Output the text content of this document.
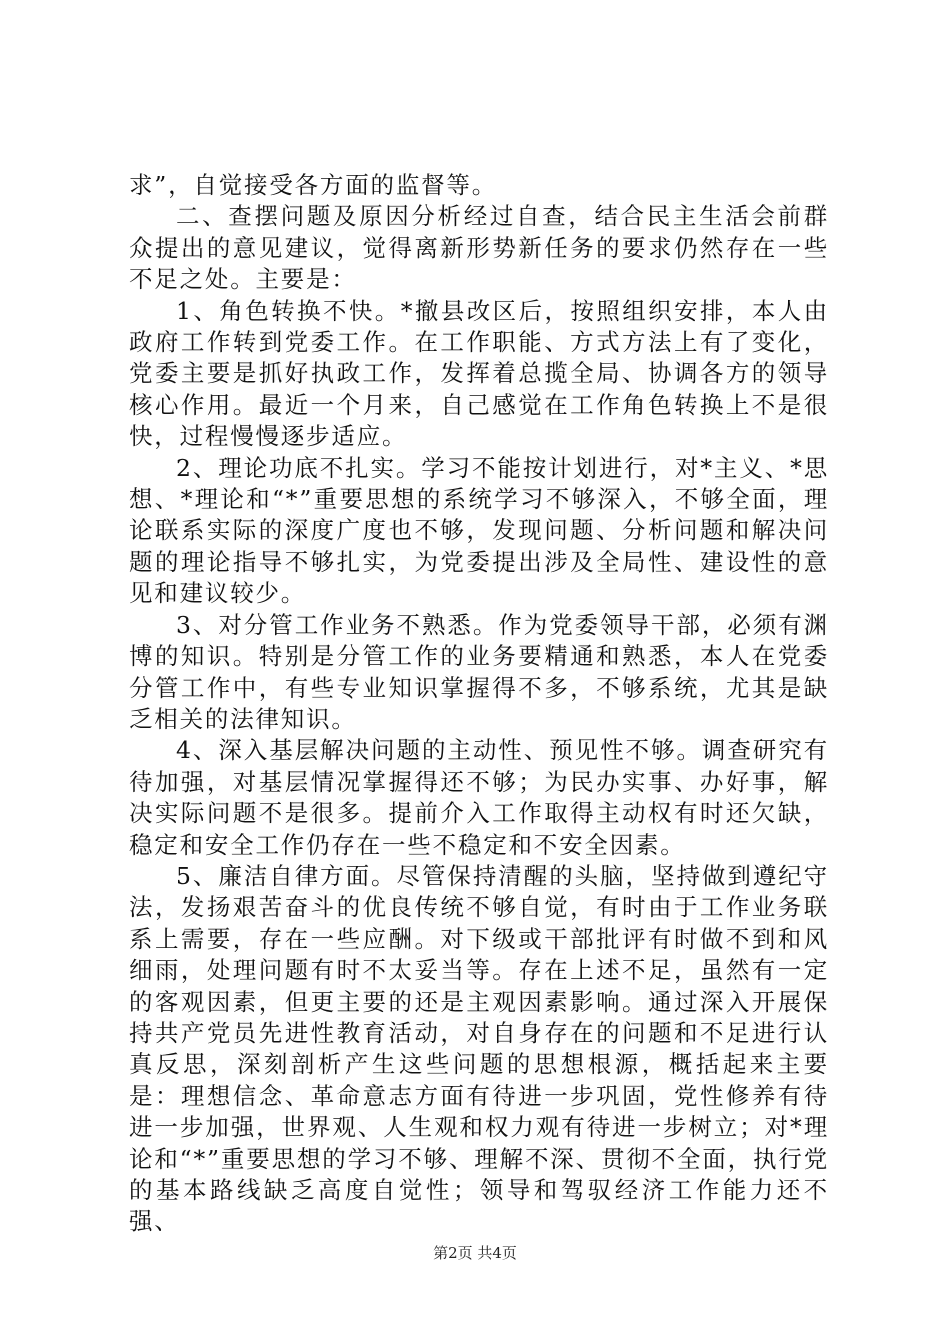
求”，自觉接受各方面的监督等。

二、查摆问题及原因分析经过自查，结合民主生活会前群众提出的意见建议，觉得离新形势新任务的要求仍然存在一些不足之处。主要是：

1、角色转换不快。*撤县改区后，按照组织安排，本人由政府工作转到党委工作。在工作职能、方式方法上有了变化，党委主要是抓好执政工作，发挥着总揽全局、协调各方的领导核心作用。最近一个月来，自己感觉在工作角色转换上不是很快，过程慢慢逐步适应。

2、理论功底不扎实。学习不能按计划进行，对*主义、*思想、*理论和“*”重要思想的系统学习不够深入，不够全面，理论联系实际的深度广度也不够，发现问题、分析问题和解决问题的理论指导不够扎实，为党委提出涉及全局性、建设性的意见和建议较少。

3、对分管工作业务不熟悉。作为党委领导干部，必须有渊博的知识。特别是分管工作的业务要精通和熟悉，本人在党委分管工作中，有些专业知识掌握得不多，不够系统，尤其是缺乏相关的法律知识。

4、深入基层解决问题的主动性、预见性不够。调查研究有待加强，对基层情况掌握得还不够；为民办实事、办好事，解决实际问题不是很多。提前介入工作取得主动权有时还欠缺，稳定和安全工作仍存在一些不稳定和不安全因素。

5、廉洁自律方面。尽管保持清醒的头脑，坚持做到遵纪守法，发扬艰苦奋斗的优良传统不够自觉，有时由于工作业务联系上需要，存在一些应酬。对下级或干部批评有时做不到和风细雨，处理问题有时不太妥当等。存在上述不足，虽然有一定的客观因素，但更主要的还是主观因素影响。通过深入开展保持共产党员先进性教育活动，对自身存在的问题和不足进行认真反思，深刻剖析产生这些问题的思想根源，概括起来主要是：理想信念、革命意志方面有待进一步巩固，党性修养有待进一步加强，世界观、人生观和权力观有待进一步树立；对*理论和“*”重要思想的学习不够、理解不深、贯彻不全面，执行党的基本路线缺乏高度自觉性；领导和驾驭经济工作能力还不强、

第2页 共4页
